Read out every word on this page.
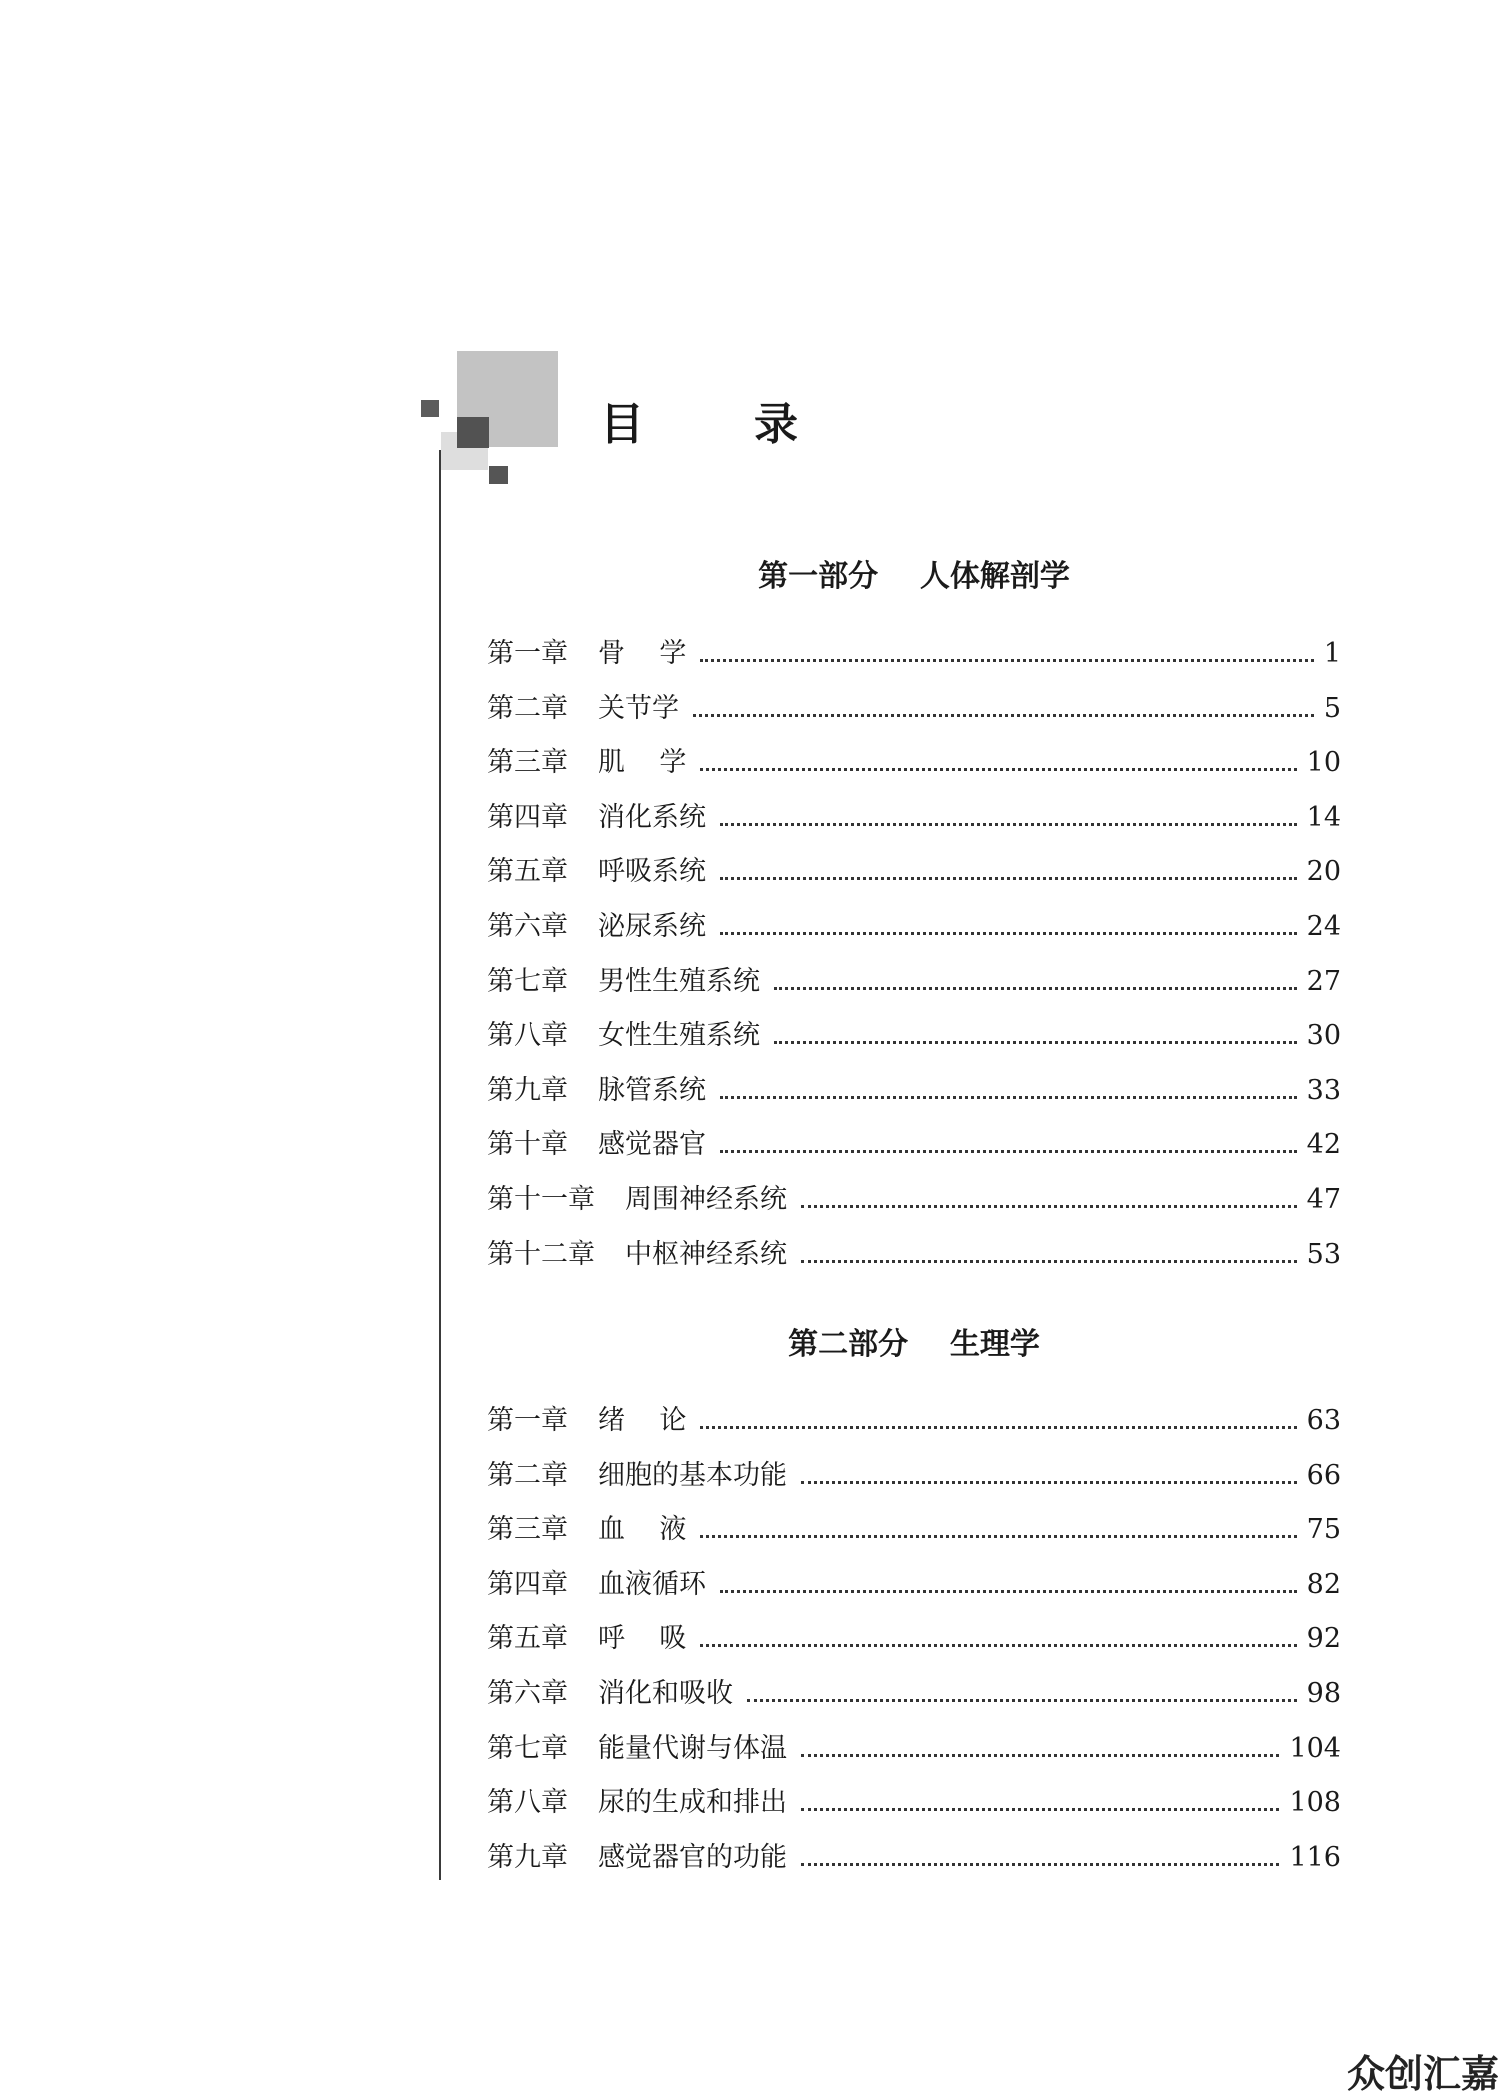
目录
第一部分    人体解剖学
第一章 骨    学	1
第二章 关节学	5
第三章 肌    学	10
第四章 消化系统	14
第五章 呼吸系统	20
第六章 泌尿系统	24
第七章 男性生殖系统	27
第八章 女性生殖系统	30
第九章 脉管系统	33
第十章 感觉器官	42
第十一章 周围神经系统	47
第十二章 中枢神经系统	53
第二部分    生理学
第一章 绪    论	63
第二章 细胞的基本功能	66
第三章 血    液	75
第四章 血液循环	82
第五章 呼    吸	92
第六章 消化和吸收	98
第七章 能量代谢与体温	104
第八章 尿的生成和排出	108
第九章 感觉器官的功能	116
众创汇嘉
